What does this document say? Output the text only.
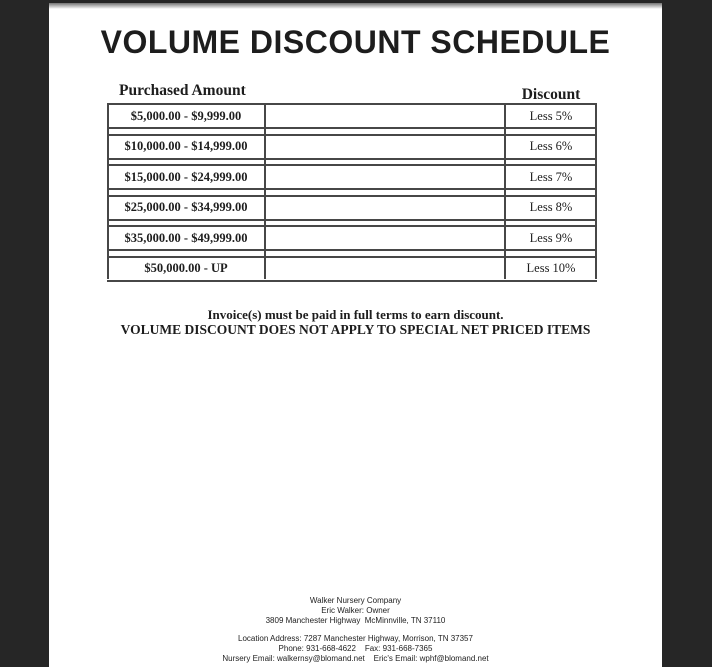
VOLUME DISCOUNT SCHEDULE
Purchased Amount	Discount
$5,000.00 - $9,999.00	Less 5%
$10,000.00 - $14,999.00	Less 6%
$15,000.00 - $24,999.00	Less 7%
$25,000.00 - $34,999.00	Less 8%
$35,000.00 - $49,999.00	Less 9%
$50,000.00 - UP	Less 10%
Invoice(s) must be paid in full terms to earn discount.
VOLUME DISCOUNT DOES NOT APPLY TO SPECIAL NET PRICED ITEMS
Walker Nursery Company
Eric Walker: Owner
3809 Manchester Highway  McMinnville, TN 37110
Location Address: 7287 Manchester Highway, Morrison, TN 37357
Phone: 931-668-4622    Fax: 931-668-7365
Nursery Email: walkernsy@blomand.net    Eric's Email: wphf@blomand.net
